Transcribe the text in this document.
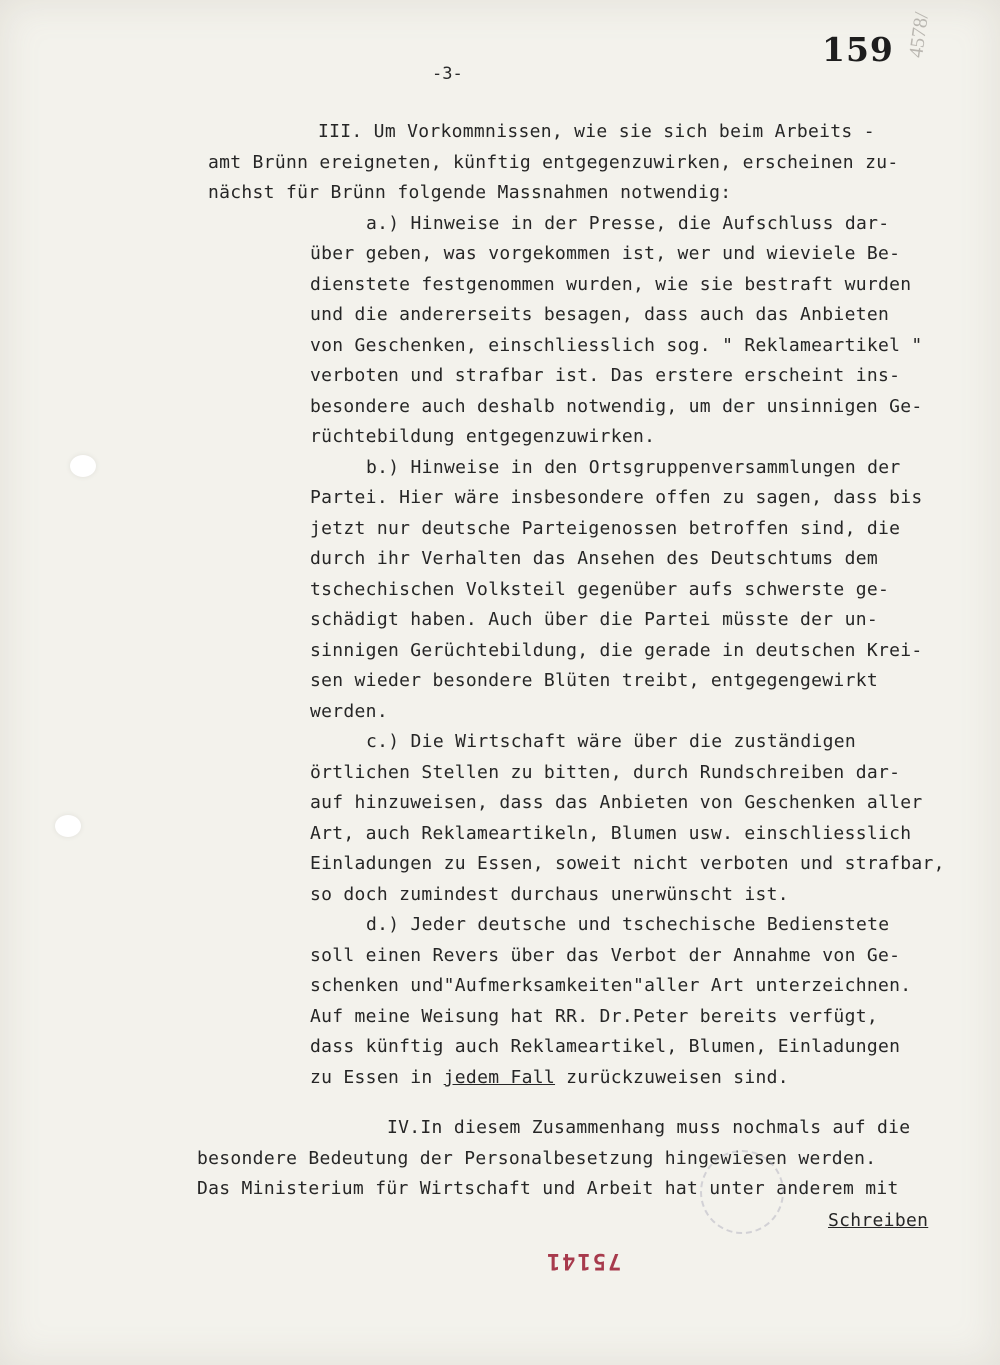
159 4578/
-3-
III. Um Vorkommnissen, wie sie sich beim Arbeits -
amt Brünn ereigneten, künftig entgegenzuwirken, erscheinen zu-
nächst für Brünn folgende Massnahmen notwendig:
a.) Hinweise in der Presse, die Aufschluss dar-
über geben, was vorgekommen ist, wer und wieviele Be-
dienstete festgenommen wurden, wie sie bestraft wurden
und die andererseits besagen, dass auch das Anbieten
von Geschenken, einschliesslich sog. " Reklameartikel "
verboten und strafbar ist. Das erstere erscheint ins-
besondere auch deshalb notwendig, um der unsinnigen Ge-
rüchtebildung entgegenzuwirken.
b.) Hinweise in den Ortsgruppenversammlungen der
Partei. Hier wäre insbesondere offen zu sagen, dass bis
jetzt nur deutsche Parteigenossen betroffen sind, die
durch ihr Verhalten das Ansehen des Deutschtums dem
tschechischen Volksteil gegenüber aufs schwerste ge-
schädigt haben. Auch über die Partei müsste der un-
sinnigen Gerüchtebildung, die gerade in deutschen Krei-
sen wieder besondere Blüten treibt, entgegengewirkt
werden.
c.) Die Wirtschaft wäre über die zuständigen
örtlichen Stellen zu bitten, durch Rundschreiben dar-
auf hinzuweisen, dass das Anbieten von Geschenken aller
Art, auch Reklameartikeln, Blumen usw. einschliesslich
Einladungen zu Essen, soweit nicht verboten und strafbar,
so doch zumindest durchaus unerwünscht ist.
d.) Jeder deutsche und tschechische Bedienstete
soll einen Revers über das Verbot der Annahme von Ge-
schenken und"Aufmerksamkeiten"aller Art unterzeichnen.
Auf meine Weisung hat RR. Dr.Peter bereits verfügt,
dass künftig auch Reklameartikel, Blumen, Einladungen
zu Essen in jedem Fall zurückzuweisen sind.
IV.In diesem Zusammenhang muss nochmals auf die
besondere Bedeutung der Personalbesetzung hingewiesen werden.
Das Ministerium für Wirtschaft und Arbeit hat unter anderem mit
Schreiben
75141
